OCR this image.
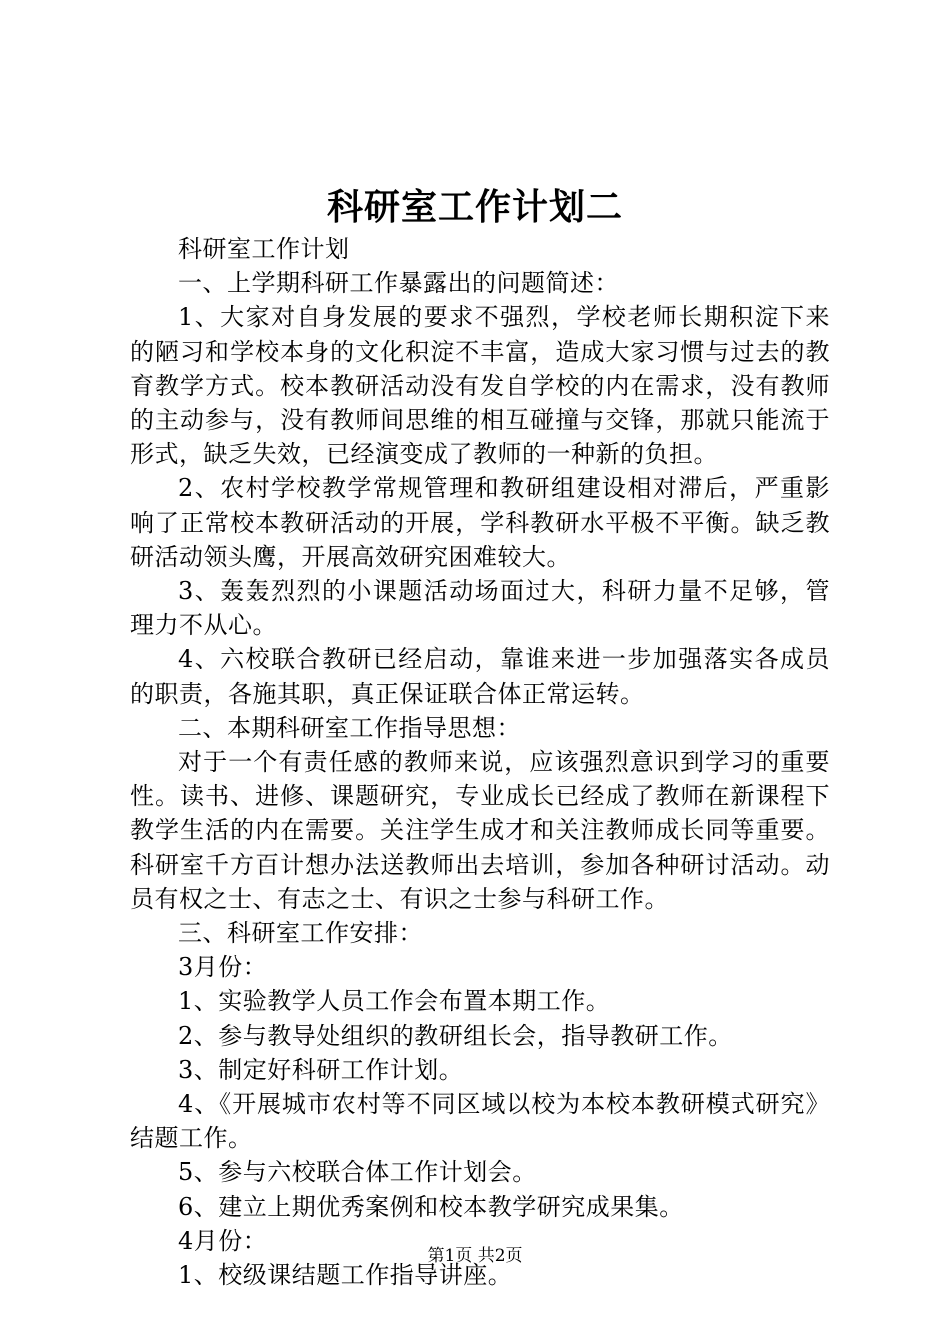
科研室工作计划二

科研室工作计划

一、上学期科研工作暴露出的问题简述：

1、大家对自身发展的要求不强烈，学校老师长期积淀下来的陋习和学校本身的文化积淀不丰富，造成大家习惯与过去的教育教学方式。校本教研活动没有发自学校的内在需求，没有教师的主动参与，没有教师间思维的相互碰撞与交锋，那就只能流于形式，缺乏失效，已经演变成了教师的一种新的负担。

2、农村学校教学常规管理和教研组建设相对滞后，严重影响了正常校本教研活动的开展，学科教研水平极不平衡。缺乏教研活动领头鹰，开展高效研究困难较大。

3、轰轰烈烈的小课题活动场面过大，科研力量不足够，管理力不从心。

4、六校联合教研已经启动，靠谁来进一步加强落实各成员的职责，各施其职，真正保证联合体正常运转。

二、本期科研室工作指导思想：

对于一个有责任感的教师来说，应该强烈意识到学习的重要性。读书、进修、课题研究，专业成长已经成了教师在新课程下教学生活的内在需要。关注学生成才和关注教师成长同等重要。科研室千方百计想办法送教师出去培训，参加各种研讨活动。动员有权之士、有志之士、有识之士参与科研工作。

三、科研室工作安排：

3月份：

1、实验教学人员工作会布置本期工作。

2、参与教导处组织的教研组长会，指导教研工作。

3、制定好科研工作计划。

4、《开展城市农村等不同区域以校为本校本教研模式研究》结题工作。

5、参与六校联合体工作计划会。

6、建立上期优秀案例和校本教学研究成果集。

4月份：

1、校级课结题工作指导讲座。

第1页 共2页
